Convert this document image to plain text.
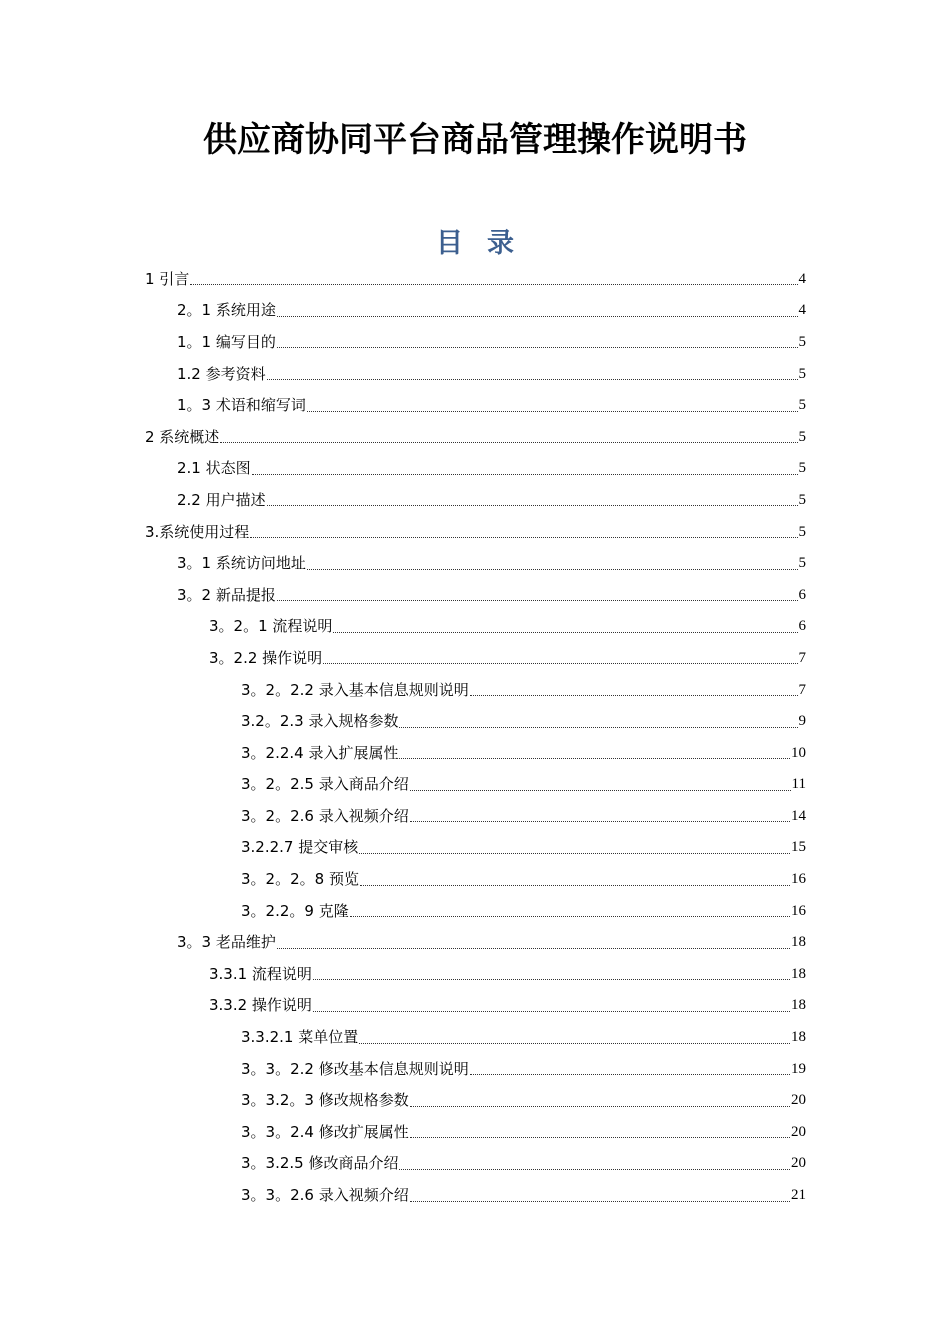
供应商协同平台商品管理操作说明书
目 录
1 引言	4
2。1 系统用途	4
1。1 编写目的	5
1.2 参考资料	5
1。3 术语和缩写词	5
2 系统概述	5
2.1 状态图	5
2.2 用户描述	5
3.系统使用过程	5
3。1 系统访问地址	5
3。2 新品提报	6
3。2。1 流程说明	6
3。2.2 操作说明	7
3。2。2.2 录入基本信息规则说明	7
3.2。2.3 录入规格参数	9
3。2.2.4 录入扩展属性	10
3。2。2.5 录入商品介绍	11
3。2。2.6 录入视频介绍	14
3.2.2.7 提交审核	15
3。2。2。8 预览	16
3。2.2。9 克隆	16
3。3 老品维护	18
3.3.1 流程说明	18
3.3.2 操作说明	18
3.3.2.1 菜单位置	18
3。3。2.2 修改基本信息规则说明	19
3。3.2。3 修改规格参数	20
3。3。2.4 修改扩展属性	20
3。3.2.5 修改商品介绍	20
3。3。2.6 录入视频介绍	21
